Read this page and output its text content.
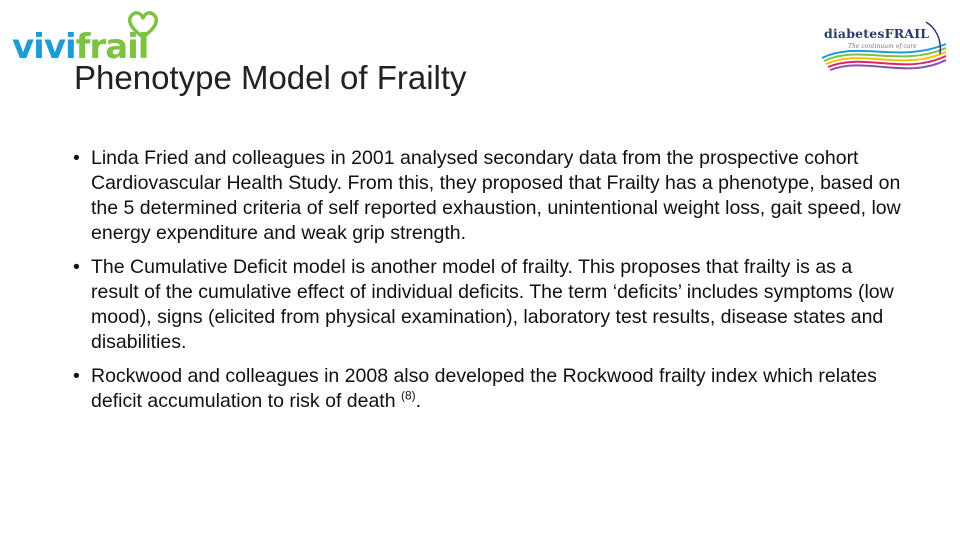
vivifrail	diabetesFRAIL
The continuum of care
Phenotype Model of Frailty
• Linda Fried and colleagues in 2001 analysed secondary data from the prospective cohort Cardiovascular Health Study. From this, they proposed that Frailty has a phenotype, based on the 5 determined criteria of self reported exhaustion, unintentional weight loss, gait speed, low energy expenditure and weak grip strength.
• The Cumulative Deficit model is another model of frailty. This proposes that frailty is as a result of the cumulative effect of individual deficits. The term ‘deficits’ includes symptoms (low mood), signs (elicited from physical examination), laboratory test results, disease states and disabilities.
• Rockwood and colleagues in 2008 also developed the Rockwood frailty index which relates deficit accumulation to risk of death $^{(8)}$.
